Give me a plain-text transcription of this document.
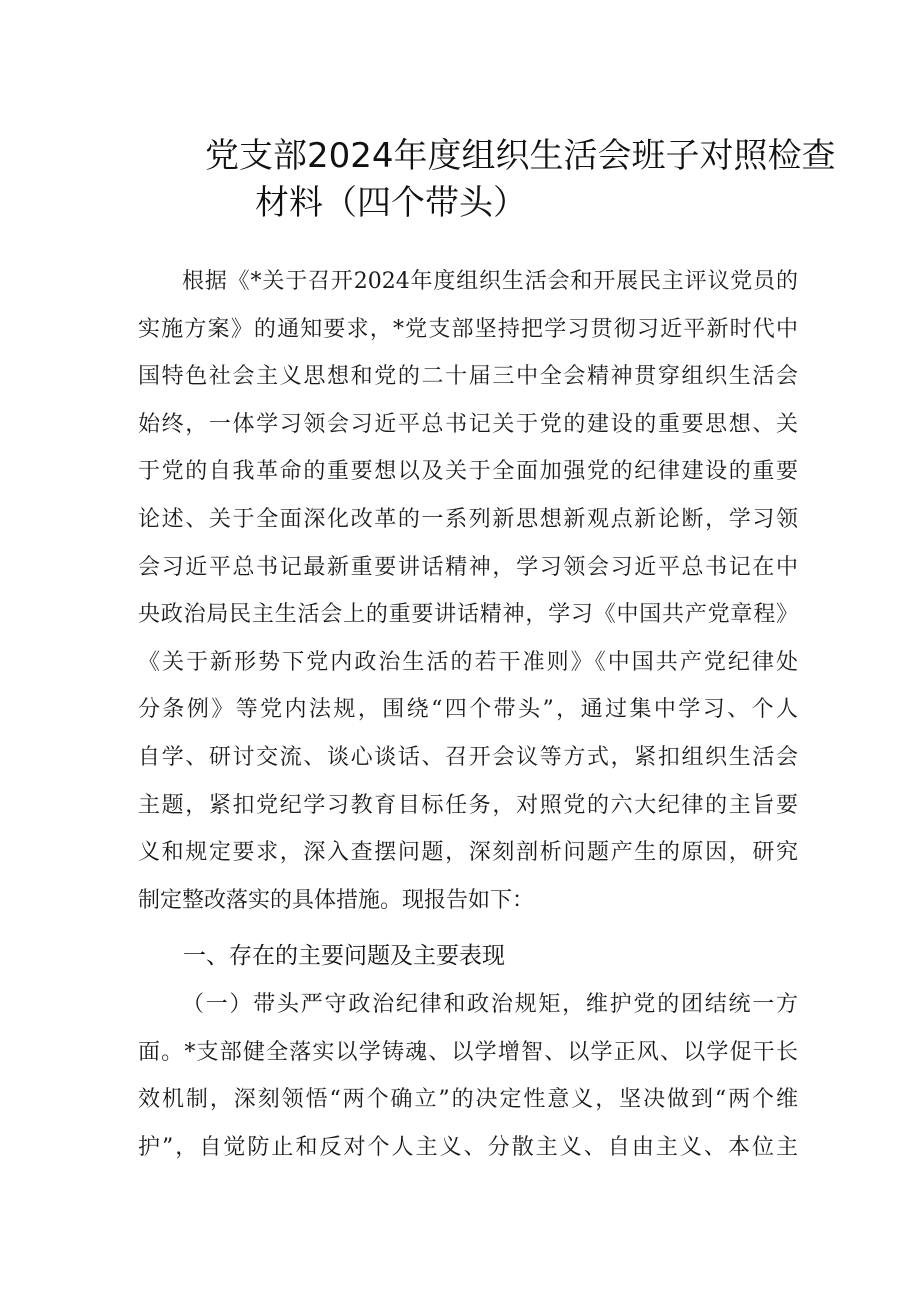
党支部2024年度组织生活会班子对照检查
材料（四个带头）
根据《*关于召开2024年度组织生活会和开展民主评议党员的
实施方案》的通知要求，*党支部坚持把学习贯彻习近平新时代中
国特色社会主义思想和党的二十届三中全会精神贯穿组织生活会
始终，一体学习领会习近平总书记关于党的建设的重要思想、关
于党的自我革命的重要想以及关于全面加强党的纪律建设的重要
论述、关于全面深化改革的一系列新思想新观点新论断，学习领
会习近平总书记最新重要讲话精神，学习领会习近平总书记在中
央政治局民主生活会上的重要讲话精神，学习《中国共产党章程》
《关于新形势下党内政治生活的若干准则》《中国共产党纪律处
分条例》等党内法规，围绕“四个带头”，通过集中学习、个人
自学、研讨交流、谈心谈话、召开会议等方式，紧扣组织生活会
主题，紧扣党纪学习教育目标任务，对照党的六大纪律的主旨要
义和规定要求，深入查摆问题，深刻剖析问题产生的原因，研究
制定整改落实的具体措施。现报告如下：
一、存在的主要问题及主要表现
（一）带头严守政治纪律和政治规矩，维护党的团结统一方
面。*支部健全落实以学铸魂、以学增智、以学正风、以学促干长
效机制，深刻领悟“两个确立”的决定性意义，坚决做到“两个维
护”，自觉防止和反对个人主义、分散主义、自由主义、本位主
